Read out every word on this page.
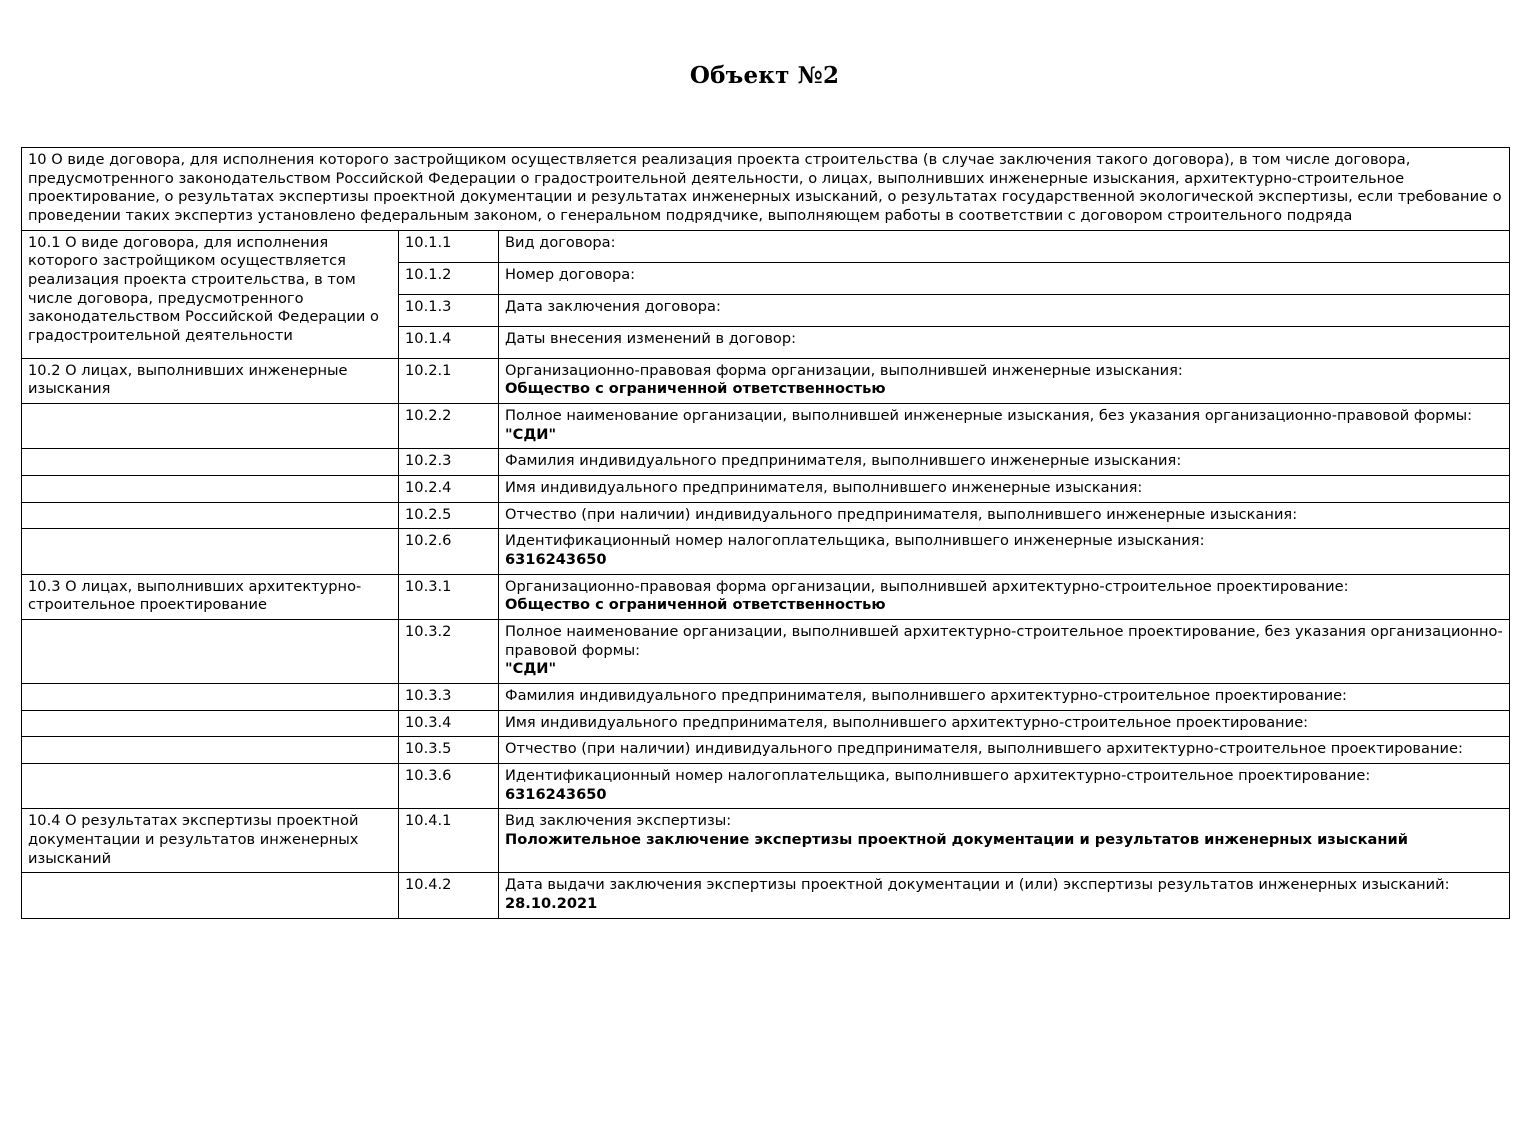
Объект №2
10 О виде договора, для исполнения которого застройщиком осуществляется реализация проекта строительства (в случае заключения такого договора), в том числе договора, предусмотренного законодательством Российской Федерации о градостроительной деятельности, о лицах, выполнивших инженерные изыскания, архитектурно-строительное проектирование, о результатах экспертизы проектной документации и результатах инженерных изысканий, о результатах государственной экологической экспертизы, если требование о проведении таких экспертиз установлено федеральным законом, о генеральном подрядчике, выполняющем работы в соответствии с договором строительного подряда		
10.1 О виде договора, для исполнения которого застройщиком осуществляется реализация проекта строительства, в том числе договора, предусмотренного законодательством Российской Федерации о градостроительной деятельности	10.1.1	Вид договора:

	10.1.2	Номер договора:

	10.1.3	Дата заключения договора:

	10.1.4	Даты внесения изменений в договор:

10.2 О лицах, выполнивших инженерные изыскания	10.2.1	Организационно-правовая форма организации, выполнившей инженерные изыскания:
Общество с ограниченной ответственностью

	10.2.2	Полное наименование организации, выполнившей инженерные изыскания, без указания организационно-правовой формы:
"СДИ"

	10.2.3	Фамилия индивидуального предпринимателя, выполнившего инженерные изыскания:

	10.2.4	Имя индивидуального предпринимателя, выполнившего инженерные изыскания:

	10.2.5	Отчество (при наличии) индивидуального предпринимателя, выполнившего инженерные изыскания:

	10.2.6	Идентификационный номер налогоплательщика, выполнившего инженерные изыскания:
6316243650

10.3 О лицах, выполнивших архитектурно-строительное проектирование	10.3.1	Организационно-правовая форма организации, выполнившей архитектурно-строительное проектирование:
Общество с ограниченной ответственностью

	10.3.2	Полное наименование организации, выполнившей архитектурно-строительное проектирование, без указания организационно-правовой формы:
"СДИ"

	10.3.3	Фамилия индивидуального предпринимателя, выполнившего архитектурно-строительное проектирование:

	10.3.4	Имя индивидуального предпринимателя, выполнившего архитектурно-строительное проектирование:

	10.3.5	Отчество (при наличии) индивидуального предпринимателя, выполнившего архитектурно-строительное проектирование:

	10.3.6	Идентификационный номер налогоплательщика, выполнившего архитектурно-строительное проектирование:
6316243650

10.4 О результатах экспертизы проектной документации и результатов инженерных изысканий	10.4.1	Вид заключения экспертизы:
Положительное заключение экспертизы проектной документации и результатов инженерных изысканий

	10.4.2	Дата выдачи заключения экспертизы проектной документации и (или) экспертизы результатов инженерных изысканий:
28.10.2021
